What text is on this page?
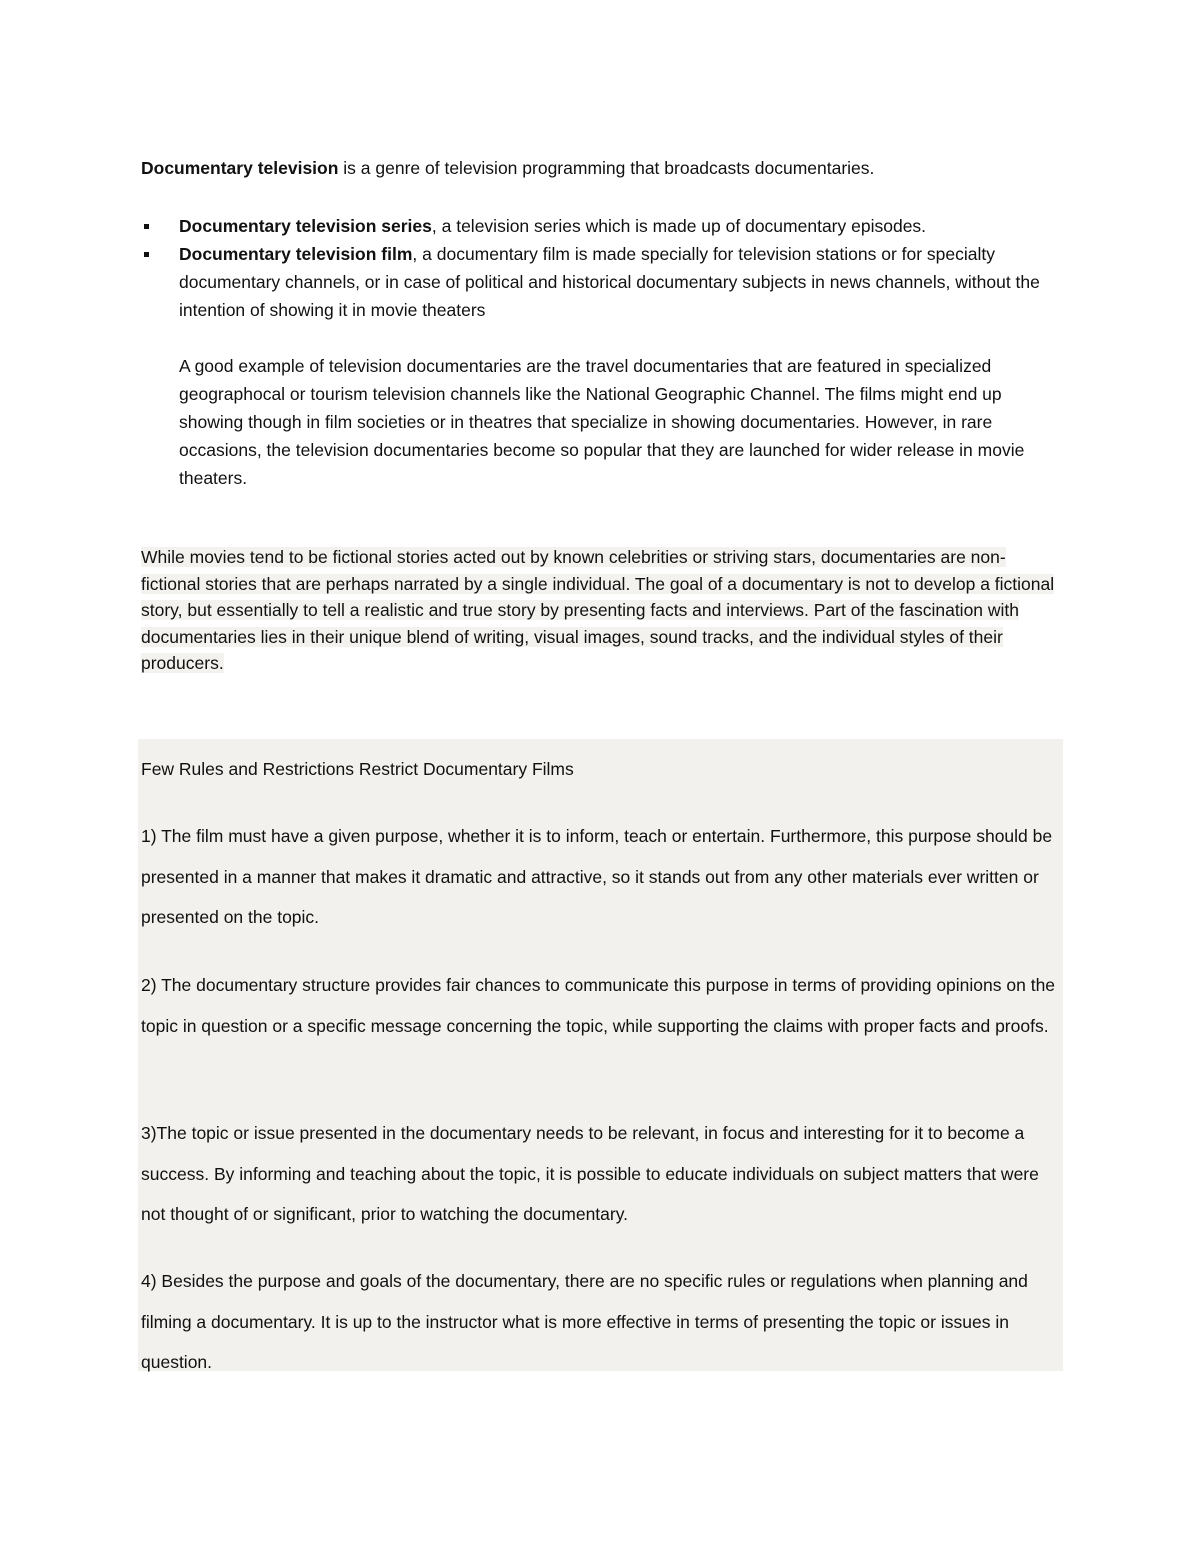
Documentary television is a genre of television programming that broadcasts documentaries.

Documentary television series, a television series which is made up of documentary episodes.
Documentary television film, a documentary film is made specially for television stations or for specialty documentary channels, or in case of political and historical documentary subjects in news channels, without the intention of showing it in movie theaters

A good example of television documentaries are the travel documentaries that are featured in specialized geographocal or tourism television channels like the National Geographic Channel. The films might end up showing though in film societies or in theatres that specialize in showing documentaries. However, in rare occasions, the television documentaries become so popular that they are launched for wider release in movie theaters.

While movies tend to be fictional stories acted out by known celebrities or striving stars, documentaries are non-fictional stories that are perhaps narrated by a single individual. The goal of a documentary is not to develop a fictional story, but essentially to tell a realistic and true story by presenting facts and interviews. Part of the fascination with documentaries lies in their unique blend of writing, visual images, sound tracks, and the individual styles of their producers.

Few Rules and Restrictions Restrict Documentary Films

1) The film must have a given purpose, whether it is to inform, teach or entertain. Furthermore, this purpose should be presented in a manner that makes it dramatic and attractive, so it stands out from any other materials ever written or presented on the topic.

2) The documentary structure provides fair chances to communicate this purpose in terms of providing opinions on the topic in question or a specific message concerning the topic, while supporting the claims with proper facts and proofs.

3)The topic or issue presented in the documentary needs to be relevant, in focus and interesting for it to become a success. By informing and teaching about the topic, it is possible to educate individuals on subject matters that were not thought of or significant, prior to watching the documentary.

4) Besides the purpose and goals of the documentary, there are no specific rules or regulations when planning and filming a documentary. It is up to the instructor what is more effective in terms of presenting the topic or issues in question.
